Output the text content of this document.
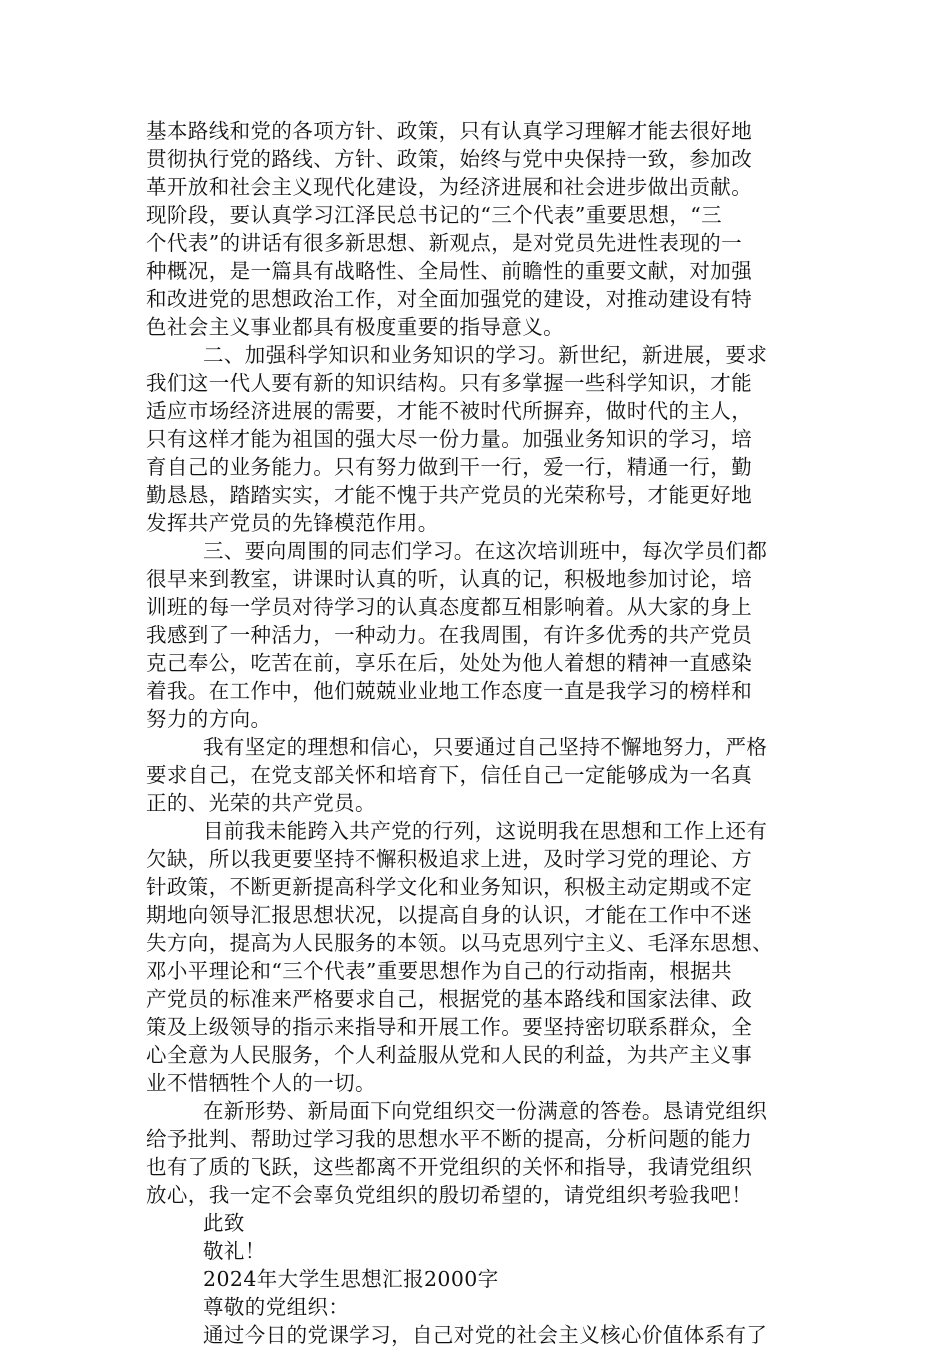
基本路线和党的各项方针、政策，只有认真学习理解才能去很好地
贯彻执行党的路线、方针、政策，始终与党中央保持一致，参加改
革开放和社会主义现代化建设，为经济进展和社会进步做出贡献。
现阶段，要认真学习江泽民总书记的“三个代表”重要思想，“三
个代表”的讲话有很多新思想、新观点，是对党员先进性表现的一
种概况，是一篇具有战略性、全局性、前瞻性的重要文献，对加强
和改进党的思想政治工作，对全面加强党的建设，对推动建设有特
色社会主义事业都具有极度重要的指导意义。
二、加强科学知识和业务知识的学习。新世纪，新进展，要求
我们这一代人要有新的知识结构。只有多掌握一些科学知识，才能
适应市场经济进展的需要，才能不被时代所摒弃，做时代的主人，
只有这样才能为祖国的强大尽一份力量。加强业务知识的学习，培
育自己的业务能力。只有努力做到干一行，爱一行，精通一行，勤
勤恳恳，踏踏实实，才能不愧于共产党员的光荣称号，才能更好地
发挥共产党员的先锋模范作用。
三、要向周围的同志们学习。在这次培训班中，每次学员们都
很早来到教室，讲课时认真的听，认真的记，积极地参加讨论，培
训班的每一学员对待学习的认真态度都互相影响着。从大家的身上
我感到了一种活力，一种动力。在我周围，有许多优秀的共产党员
克己奉公，吃苦在前，享乐在后，处处为他人着想的精神一直感染
着我。在工作中，他们兢兢业业地工作态度一直是我学习的榜样和
努力的方向。
我有坚定的理想和信心，只要通过自己坚持不懈地努力，严格
要求自己，在党支部关怀和培育下，信任自己一定能够成为一名真
正的、光荣的共产党员。
目前我未能跨入共产党的行列，这说明我在思想和工作上还有
欠缺，所以我更要坚持不懈积极追求上进，及时学习党的理论、方
针政策，不断更新提高科学文化和业务知识，积极主动定期或不定
期地向领导汇报思想状况，以提高自身的认识，才能在工作中不迷
失方向，提高为人民服务的本领。以马克思列宁主义、毛泽东思想、
邓小平理论和“三个代表”重要思想作为自己的行动指南，根据共
产党员的标准来严格要求自己，根据党的基本路线和国家法律、政
策及上级领导的指示来指导和开展工作。要坚持密切联系群众，全
心全意为人民服务，个人利益服从党和人民的利益，为共产主义事
业不惜牺牲个人的一切。
在新形势、新局面下向党组织交一份满意的答卷。恳请党组织
给予批判、帮助过学习我的思想水平不断的提高，分析问题的能力
也有了质的飞跃，这些都离不开党组织的关怀和指导，我请党组织
放心，我一定不会辜负党组织的殷切希望的，请党组织考验我吧！
此致
敬礼！
2024年大学生思想汇报2000字
尊敬的党组织：
通过今日的党课学习，自己对党的社会主义核心价值体系有了
